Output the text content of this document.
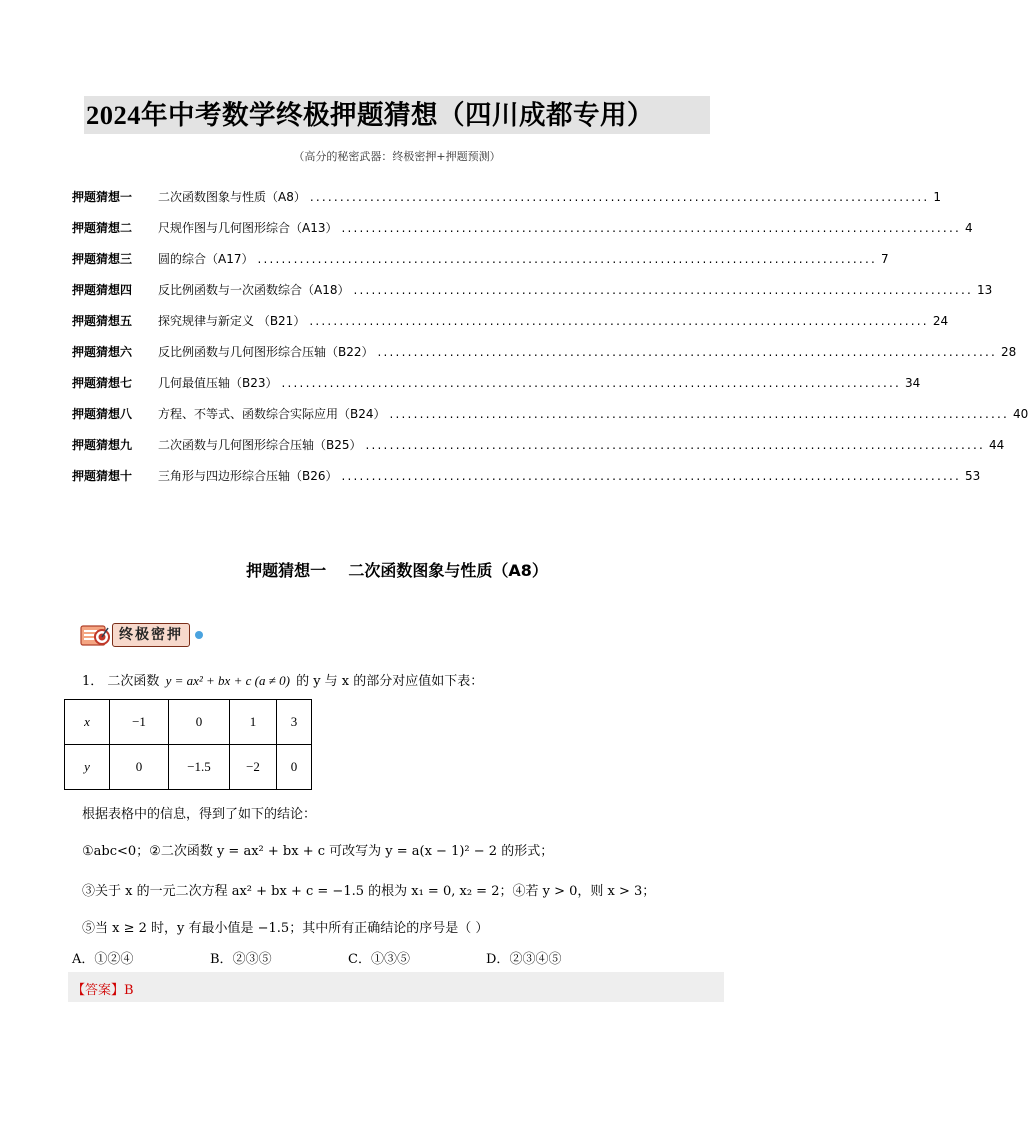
2024年中考数学终极押题猜想（四川成都专用）
（高分的秘密武器：终极密押+押题预测）
押题猜想一	二次函数图象与性质（A8） ....................................................................................................... 1
押题猜想二	尺规作图与几何图形综合（A13） ....................................................................................................... 4
押题猜想三	圆的综合（A17） ....................................................................................................... 7
押题猜想四	反比例函数与一次函数综合（A18） ....................................................................................................... 13
押题猜想五	探究规律与新定义 （B21） ....................................................................................................... 24
押题猜想六	反比例函数与几何图形综合压轴（B22） ....................................................................................................... 28
押题猜想七	几何最值压轴（B23） ....................................................................................................... 34
押题猜想八	方程、不等式、函数综合实际应用（B24） ....................................................................................................... 40
押题猜想九	二次函数与几何图形综合压轴（B25） ....................................................................................................... 44
押题猜想十	三角形与四边形综合压轴（B26） ....................................................................................................... 53
押题猜想一    二次函数图象与性质（A8）
终极密押
1． 二次函数 y = ax² + bx + c (a ≠ 0) 的 y 与 x 的部分对应值如下表：
x	−1	0	1	3
y	0	−1.5	−2	0
根据表格中的信息，得到了如下的结论：
①abc<0；②二次函数 y = ax² + bx + c 可改写为 y = a(x − 1)² − 2 的形式；
③关于 x 的一元二次方程 ax² + bx + c = −1.5 的根为 x₁ = 0, x₂ = 2；④若 y > 0，则 x > 3；
⑤当 x ≥ 2 时，y 有最小值是 −1.5；其中所有正确结论的序号是（ ）
A．①②④	B．②③⑤	C．①③⑤	D．②③④⑤
【答案】B
